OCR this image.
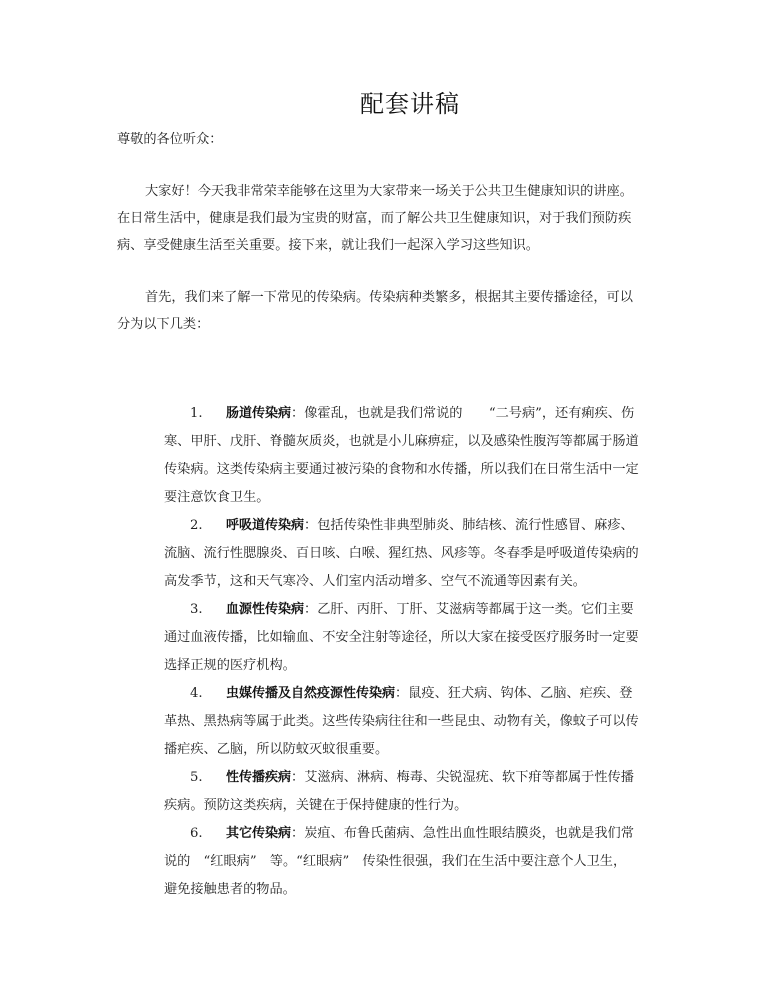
配套讲稿
尊敬的各位听众：
大家好！今天我非常荣幸能够在这里为大家带来一场关于公共卫生健康知识的讲座。
在日常生活中，健康是我们最为宝贵的财富，而了解公共卫生健康知识，对于我们预防疾
病、享受健康生活至关重要。接下来，就让我们一起深入学习这些知识。
首先，我们来了解一下常见的传染病。传染病种类繁多，根据其主要传播途径，可以
分为以下几类：
1. 肠道传染病：像霍乱，也就是我们常说的　　“二号病”，还有痢疾、伤
寒、甲肝、戊肝、脊髓灰质炎，也就是小儿麻痹症，以及感染性腹泻等都属于肠道
传染病。这类传染病主要通过被污染的食物和水传播，所以我们在日常生活中一定
要注意饮食卫生。
2. 呼吸道传染病：包括传染性非典型肺炎、肺结核、流行性感冒、麻疹、
流脑、流行性腮腺炎、百日咳、白喉、猩红热、风疹等。冬春季是呼吸道传染病的
高发季节，这和天气寒冷、人们室内活动增多、空气不流通等因素有关。
3. 血源性传染病：乙肝、丙肝、丁肝、艾滋病等都属于这一类。它们主要
通过血液传播，比如输血、不安全注射等途径，所以大家在接受医疗服务时一定要
选择正规的医疗机构。
4. 虫媒传播及自然疫源性传染病：鼠疫、狂犬病、钩体、乙脑、疟疾、登
革热、黑热病等属于此类。这些传染病往往和一些昆虫、动物有关，像蚊子可以传
播疟疾、乙脑，所以防蚊灭蚊很重要。
5. 性传播疾病：艾滋病、淋病、梅毒、尖锐湿疣、软下疳等都属于性传播
疾病。预防这类疾病，关键在于保持健康的性行为。
6. 其它传染病：炭疽、布鲁氏菌病、急性出血性眼结膜炎，也就是我们常
说的　“红眼病”　等。“红眼病”　传染性很强，我们在生活中要注意个人卫生，
避免接触患者的物品。
